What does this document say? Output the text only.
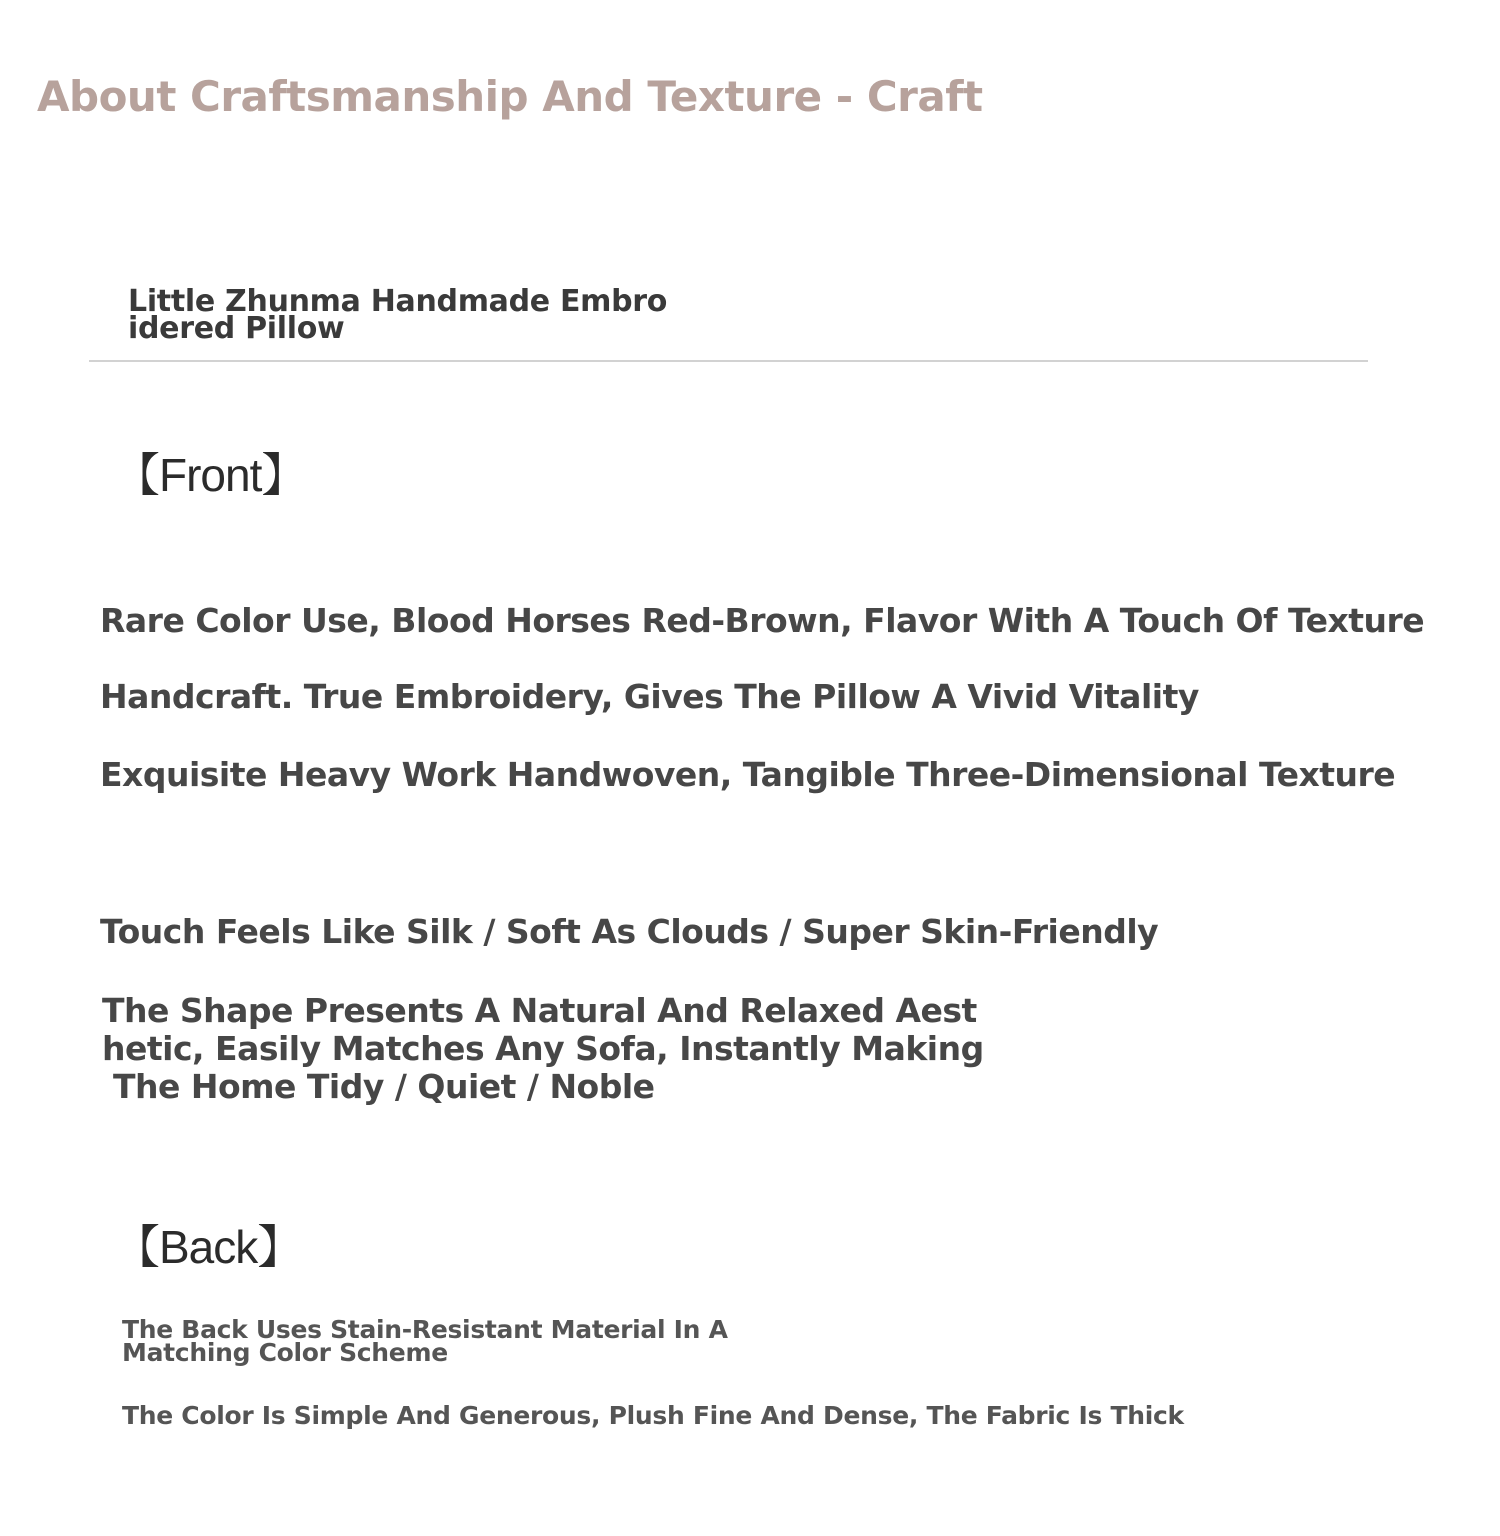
About Craftsmanship And Texture - Craft
Little Zhunma Handmade Embro
idered Pillow
【Front】
Rare Color Use, Blood Horses Red-Brown, Flavor With A Touch Of Texture
Handcraft. True Embroidery, Gives The Pillow A Vivid Vitality
Exquisite Heavy Work Handwoven, Tangible Three-Dimensional Texture
Touch Feels Like Silk / Soft As Clouds / Super Skin-Friendly
The Shape Presents A Natural And Relaxed Aest
hetic, Easily Matches Any Sofa, Instantly Making
The Home Tidy / Quiet / Noble
【Back】
The Back Uses Stain-Resistant Material In A
Matching Color Scheme
The Color Is Simple And Generous, Plush Fine And Dense, The Fabric Is Thick
